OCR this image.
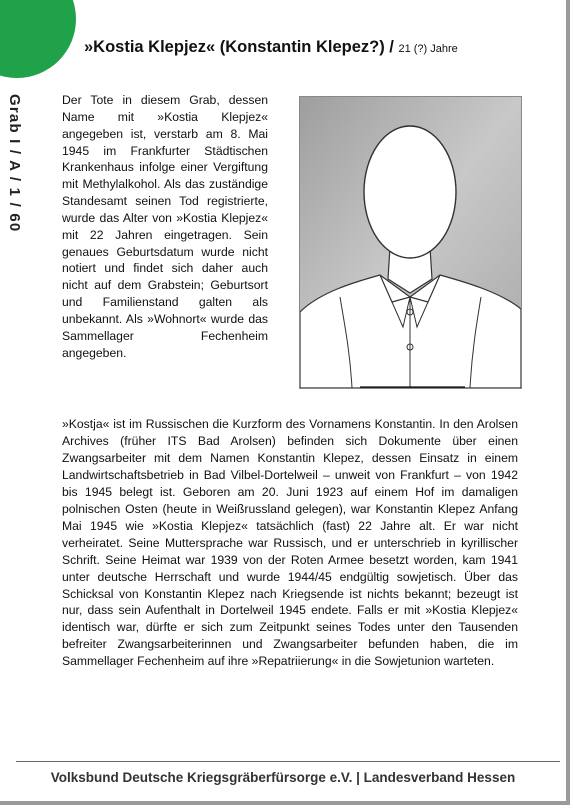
»Kostia Klepjez« (Konstantin Klepez?) / 21 (?) Jahre
Grab I / A / 1 / 60	Der Tote in diesem Grab, dessen Name mit »Kostia Klepjez« angegeben ist, verstarb am 8. Mai 1945 im Frankfurter Städtischen Krankenhaus infolge einer Vergiftung mit Methylalkohol. Als das zuständige Standesamt seinen Tod registrierte, wurde das Alter von »Kostia Klepjez« mit 22 Jahren eingetragen. Sein genaues Geburtsdatum wurde nicht notiert und findet sich daher auch nicht auf dem Grabstein; Geburtsort und Familienstand galten als unbekannt. Als »Wohnort« wurde das Sammellager Fechenheim angegeben.
»Kostja« ist im Russischen die Kurzform des Vornamens Konstantin. In den Arolsen Archives (früher ITS Bad Arolsen) befinden sich Dokumente über einen Zwangsarbeiter mit dem Namen Konstantin Klepez, dessen Einsatz in einem Landwirtschaftsbetrieb in Bad Vilbel-Dortelweil – unweit von Frankfurt – von 1942 bis 1945 belegt ist. Geboren am 20. Juni 1923 auf einem Hof im damaligen polnischen Osten (heute in Weißrussland gelegen), war Konstantin Klepez Anfang Mai 1945 wie »Kostia Klepjez« tatsächlich (fast) 22 Jahre alt. Er war nicht verheiratet. Seine Muttersprache war Russisch, und er unterschrieb in kyrillischer Schrift. Seine Heimat war 1939 von der Roten Armee besetzt worden, kam 1941 unter deutsche Herrschaft und wurde 1944/45 endgültig sowjetisch. Über das Schicksal von Konstantin Klepez nach Kriegsende ist nichts bekannt; bezeugt ist nur, dass sein Aufenthalt in Dortelweil 1945 endete. Falls er mit »Kostia Klepjez« identisch war, dürfte er sich zum Zeitpunkt seines Todes unter den Tausenden befreiter Zwangsarbeiterinnen und Zwangsarbeiter befunden haben, die im Sammellager Fechenheim auf ihre »Repatriierung« in die Sowjetunion warteten.
Volksbund Deutsche Kriegsgräberfürsorge e.V. | Landesverband Hessen
